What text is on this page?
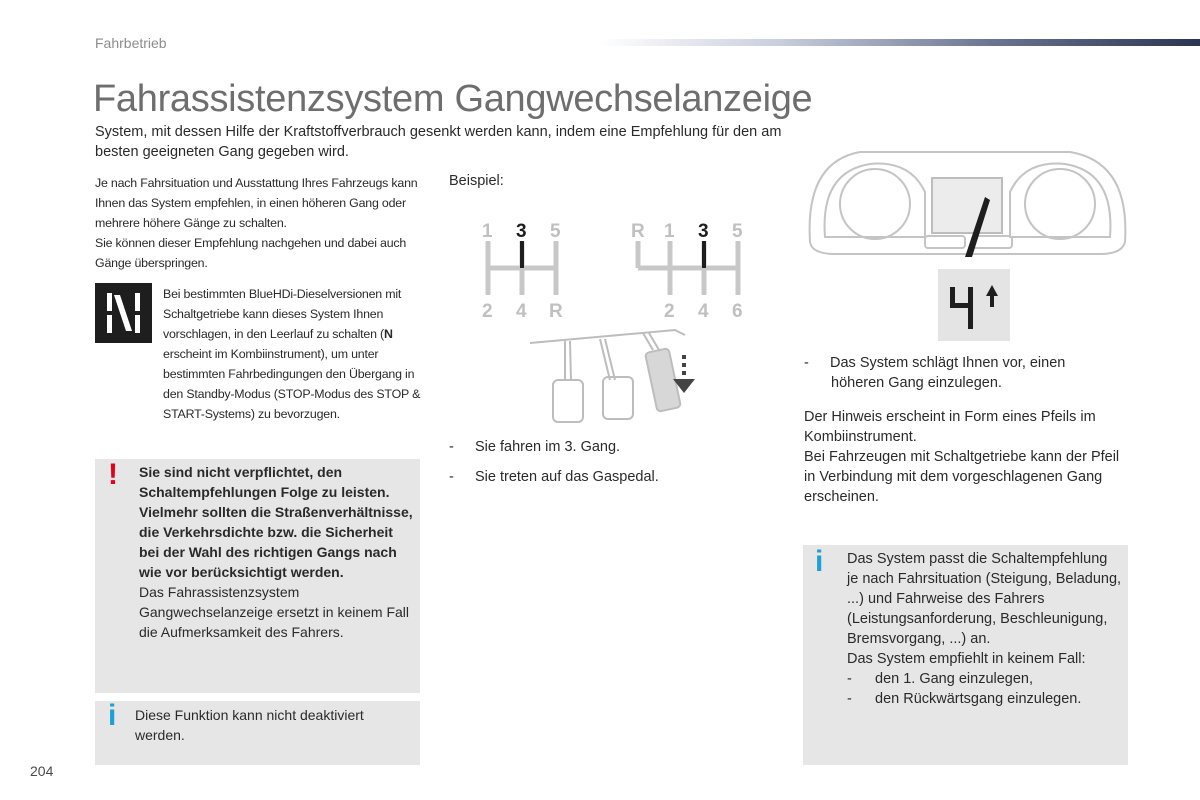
Fahrbetrieb
Fahrassistenzsystem Gangwechselanzeige
System, mit dessen Hilfe der Kraftstoffverbrauch gesenkt werden kann, indem eine Empfehlung für den am besten geeigneten Gang gegeben wird.
Je nach Fahrsituation und Ausstattung Ihres Fahrzeugs kann Ihnen das System empfehlen, in einen höheren Gang oder mehrere höhere Gänge zu schalten.
Sie können dieser Empfehlung nachgehen und dabei auch Gänge überspringen.
Bei bestimmten BlueHDi-Dieselversionen mit Schaltgetriebe kann dieses System Ihnen vorschlagen, in den Leerlauf zu schalten (N erscheint im Kombiinstrument), um unter bestimmten Fahrbedingungen den Übergang in den Standby-Modus (STOP-Modus des STOP & START-Systems) zu bevorzugen.
! Sie sind nicht verpflichtet, den Schaltempfehlungen Folge zu leisten. Vielmehr sollten die Straßenverhältnisse, die Verkehrsdichte bzw. die Sicherheit bei der Wahl des richtigen Gangs nach wie vor berücksichtigt werden.
Das Fahrassistenzsystem Gangwechselanzeige ersetzt in keinem Fall die Aufmerksamkeit des Fahrers.
i Diese Funktion kann nicht deaktiviert werden.
Beispiel:
1 3 5
2 4 R
R 1 3 5
2 4 6
- Sie fahren im 3. Gang.
- Sie treten auf das Gaspedal.
4
- Das System schlägt Ihnen vor, einen
höheren Gang einzulegen.
Der Hinweis erscheint in Form eines Pfeils im Kombiinstrument.
Bei Fahrzeugen mit Schaltgetriebe kann der Pfeil in Verbindung mit dem vorgeschlagenen Gang erscheinen.
i Das System passt die Schaltempfehlung je nach Fahrsituation (Steigung, Beladung, ...) und Fahrweise des Fahrers (Leistungsanforderung, Beschleunigung, Bremsvorgang, ...) an.
Das System empfiehlt in keinem Fall:
- den 1. Gang einzulegen,
- den Rückwärtsgang einzulegen.
204
